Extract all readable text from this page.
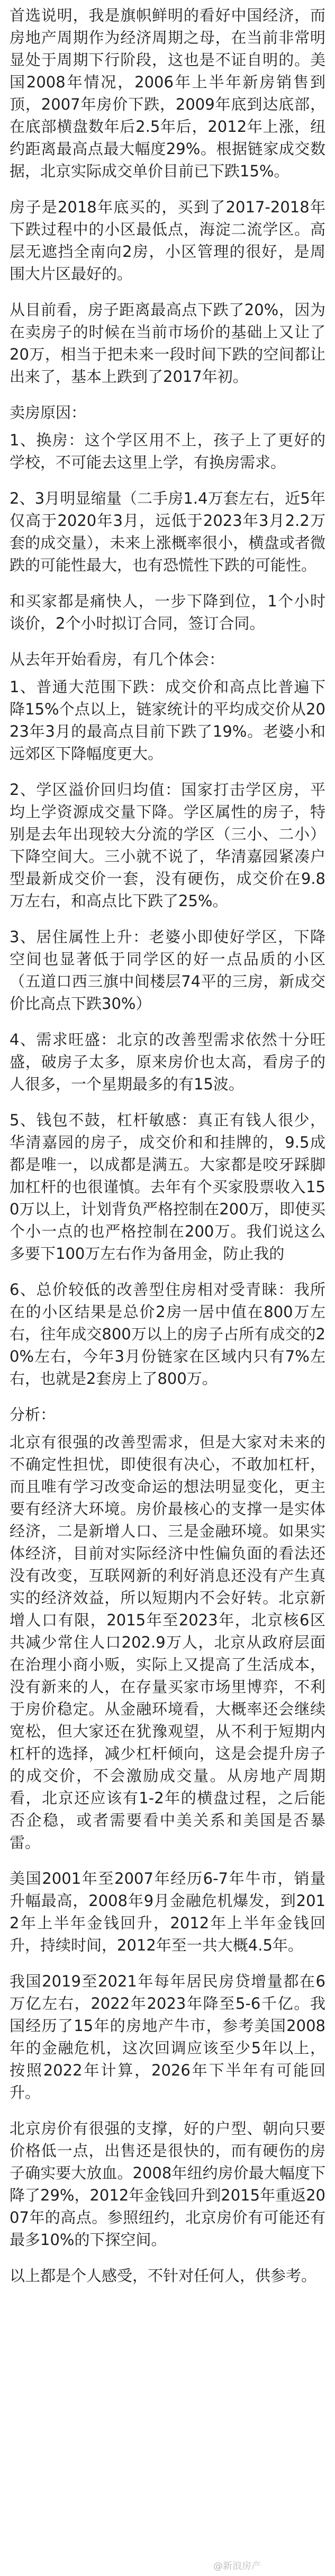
首选说明，我是旗帜鲜明的看好中国经济，而房地产周期作为经济周期之母，在当前非常明显处于周期下行阶段，这也是不证自明的。美国2008年情况，2006年上半年新房销售到顶，2007年房价下跌，2009年底到达底部，在底部横盘数年后2.5年后，2012年上涨，纽约距离最高点最大幅度29%。根据链家成交数据，北京实际成交单价目前已下跌15%。

房子是2018年底买的，买到了2017-2018年下跌过程中的小区最低点，海淀二流学区。高层无遮挡全南向2房，小区管理的很好，是周围大片区最好的。

从目前看，房子距离最高点下跌了20%，因为在卖房子的时候在当前市场价的基础上又让了20万，相当于把未来一段时间下跌的空间都让出来了，基本上跌到了2017年初。

卖房原因：

1、换房：这个学区用不上，孩子上了更好的学校，不可能去这里上学，有换房需求。

2、3月明显缩量（二手房1.4万套左右，近5年仅高于2020年3月，远低于2023年3月2.2万套的成交量），未来上涨概率很小，横盘或者微跌的可能性最大，也有恐慌性下跌的可能性。

和买家都是痛快人，一步下降到位，1个小时谈价，2个小时拟订合同，签订合同。

从去年开始看房，有几个体会：

1、普通大范围下跌：成交价和高点比普遍下降15%个点以上，链家统计的平均成交价从2023年3月的最高点目前下跌了19%。老婆小和远郊区下降幅度更大。

2、学区溢价回归均值：国家打击学区房，平均上学资源成交量下降。学区属性的房子，特别是去年出现较大分流的学区（三小、二小）下降空间大。三小就不说了，华清嘉园紧凑户型最新成交价一套，没有硬伤，成交价在9.8万左右，和高点比下跌了25%。

3、居住属性上升：老婆小即使好学区，下降空间也显著低于同学区的好一点品质的小区（五道口西三旗中间楼层74平的三房，新成交价比高点下跌30%）

4、需求旺盛：北京的改善型需求依然十分旺盛，破房子太多，原来房价也太高，看房子的人很多，一个星期最多的有15波。

5、钱包不鼓，杠杆敏感：真正有钱人很少，华清嘉园的房子，成交价和和挂牌的，9.5成都是唯一，以成都是满五。大家都是咬牙踩脚加杠杆的也很谨慎。去年有个买家股票收入150万以上，计划背负严格控制在200万，即使买个小一点的也严格控制在200万。我们说这么多要下100万左右作为备用金，防止我的

6、总价较低的改善型住房相对受青睐：我所在的小区结果是总价2房一居中值在800万左右，往年成交800万以上的房子占所有成交的20%左右，今年3月份链家在区域内只有7%左右，也就是2套房上了800万。

分析：

北京有很强的改善型需求，但是大家对未来的不确定性担忧，即使很有决心，不敢加杠杆，而且唯有学习改变命运的想法明显变化，更主要有经济大环境。房价最核心的支撑一是实体经济，二是新增人口、三是金融环境。如果实体经济，目前对实际经济中性偏负面的看法还没有改变，互联网新的利好消息还没有产生真实的经济效益，所以短期内不会好转。北京新增人口有限，2015年至2023年，北京核6区共减少常住人口202.9万人，北京从政府层面在治理小商小贩，实际上又提高了生活成本，没有新来的人，在存量买家市场里博弈，不利于房价稳定。从金融环境看，大概率还会继续宽松，但大家还在犹豫观望，从不利于短期内杠杆的选择，减少杠杆倾向，这是会提升房子的成交价，不会激励成交量。从房地产周期看，北京还应该有1-2年的横盘过程，之后能否企稳，或者需要看中美关系和美国是否暴雷。

美国2001年至2007年经历6-7年牛市，销量升幅最高，2008年9月金融危机爆发，到2012年上半年金钱回升，2012年上半年金钱回升，持续时间，2012年至一共大概4.5年。

我国2019至2021年每年居民房贷增量都在6万亿左右，2022年2023年降至5-6千亿。我国经历了15年的房地产牛市，参考美国2008年的金融危机，这次回调应该至少5年以上，按照2022年计算，2026年下半年有可能回升。

北京房价有很强的支撑，好的户型、朝向只要价格低一点，出售还是很快的，而有硬伤的房子确实要大放血。2008年纽约房价最大幅度下降了29%，2012年金钱回升到2015年重返2007年的高点。参照纽约，北京房价有可能还有最多10%的下探空间。

以上都是个人感受，不针对任何人，供参考。

@新浪房产
